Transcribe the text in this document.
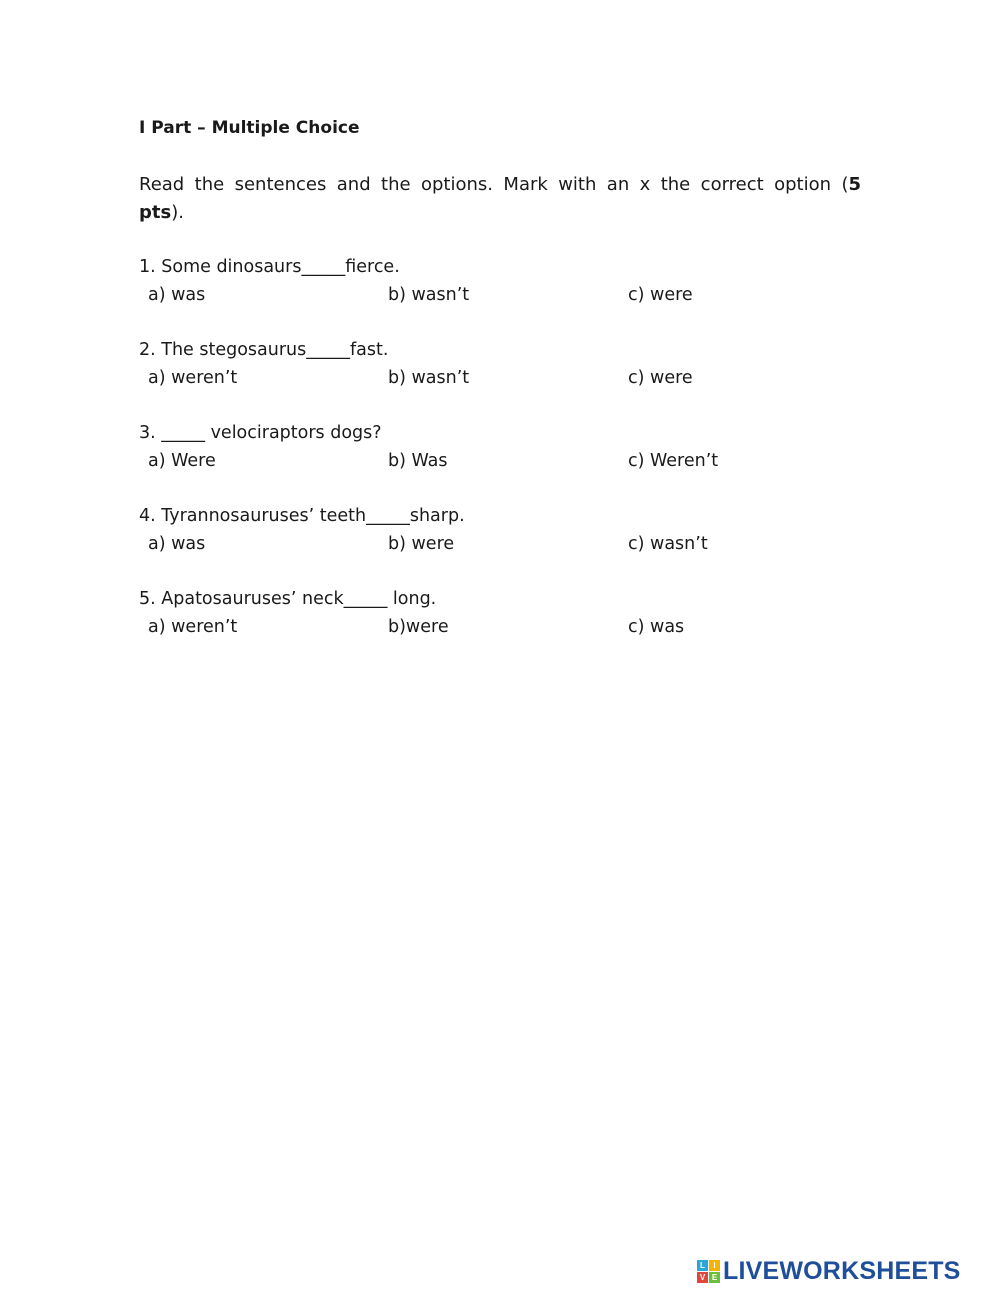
I Part – Multiple Choice
Read the sentences and the options. Mark with an x the correct option (5 pts).
1. Some dinosaurs_____fierce.
a) was	b) wasn’t	c) were
2. The stegosaurus_____fast.
a) weren’t	b) wasn’t	c) were
3. _____ velociraptors dogs?
a) Were	b) Was	c) Weren’t
4. Tyrannosauruses’ teeth_____sharp.
a) was	b) were	c) wasn’t
5. Apatosauruses’ neck_____ long.
a) weren’t	b)were	c) was
L	I
V E LIVEWORKSHEETS
